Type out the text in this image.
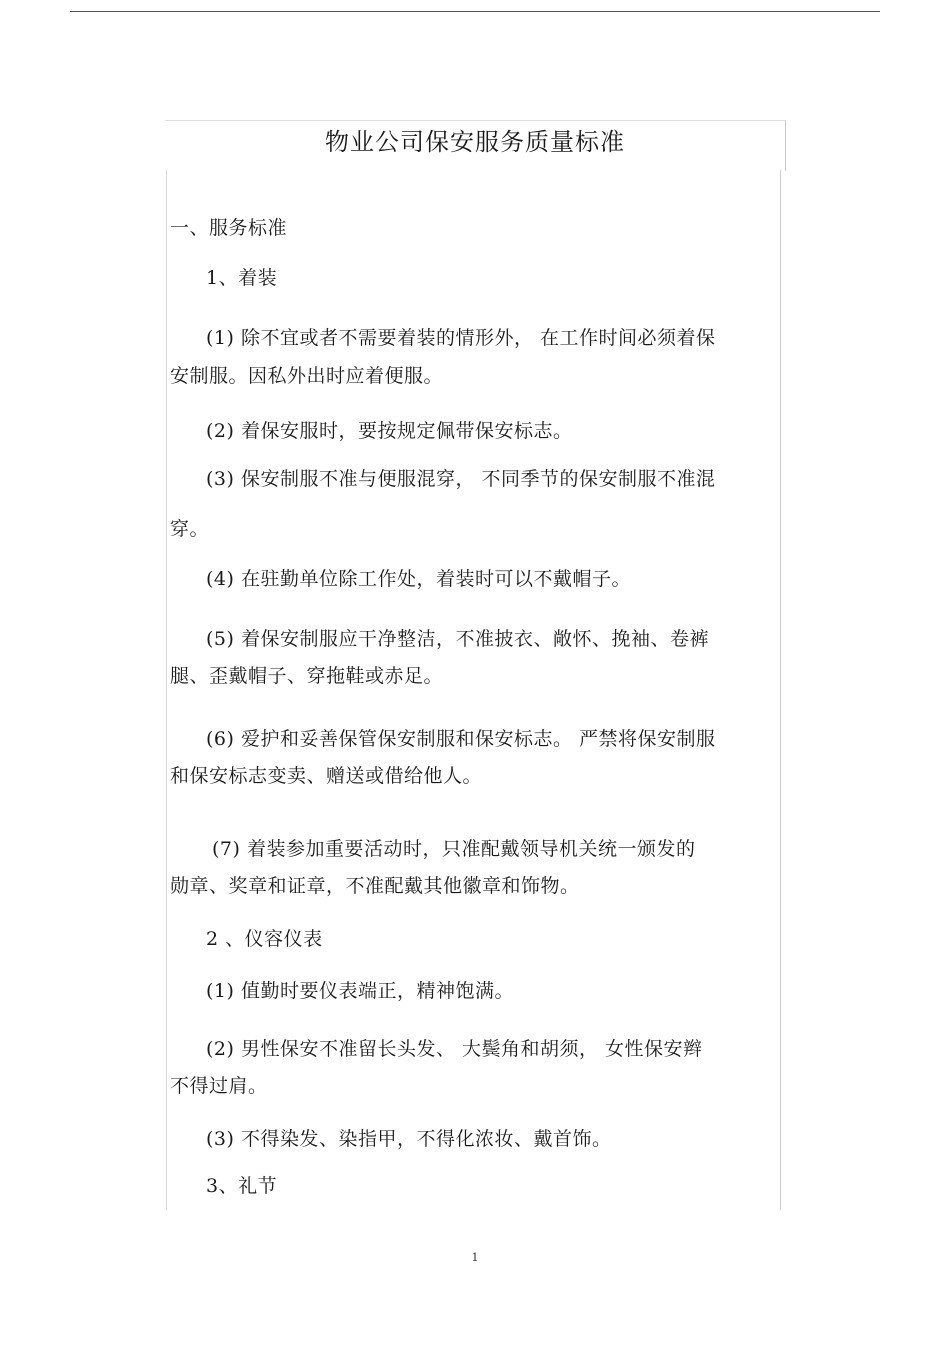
物业公司保安服务质量标准
一、服务标准
1、着装
(1) 除不宜或者不需要着装的情形外， 在工作时间必须着保
安制服。因私外出时应着便服。
(2) 着保安服时，要按规定佩带保安标志。
(3) 保安制服不准与便服混穿， 不同季节的保安制服不准混
穿。
(4) 在驻勤单位除工作处，着装时可以不戴帽子。
(5) 着保安制服应干净整洁，不准披衣、敞怀、挽袖、卷裤
腿、歪戴帽子、穿拖鞋或赤足。
(6) 爱护和妥善保管保安制服和保安标志。 严禁将保安制服
和保安标志变卖、赠送或借给他人。
(7) 着装参加重要活动时，只准配戴领导机关统一颁发的
勋章、奖章和证章，不准配戴其他徽章和饰物。
2 、仪容仪表
(1) 值勤时要仪表端正，精神饱满。
(2) 男性保安不准留长头发、 大鬓角和胡须， 女性保安辫
不得过肩。
(3) 不得染发、染指甲，不得化浓妆、戴首饰。
3、礼节
1
